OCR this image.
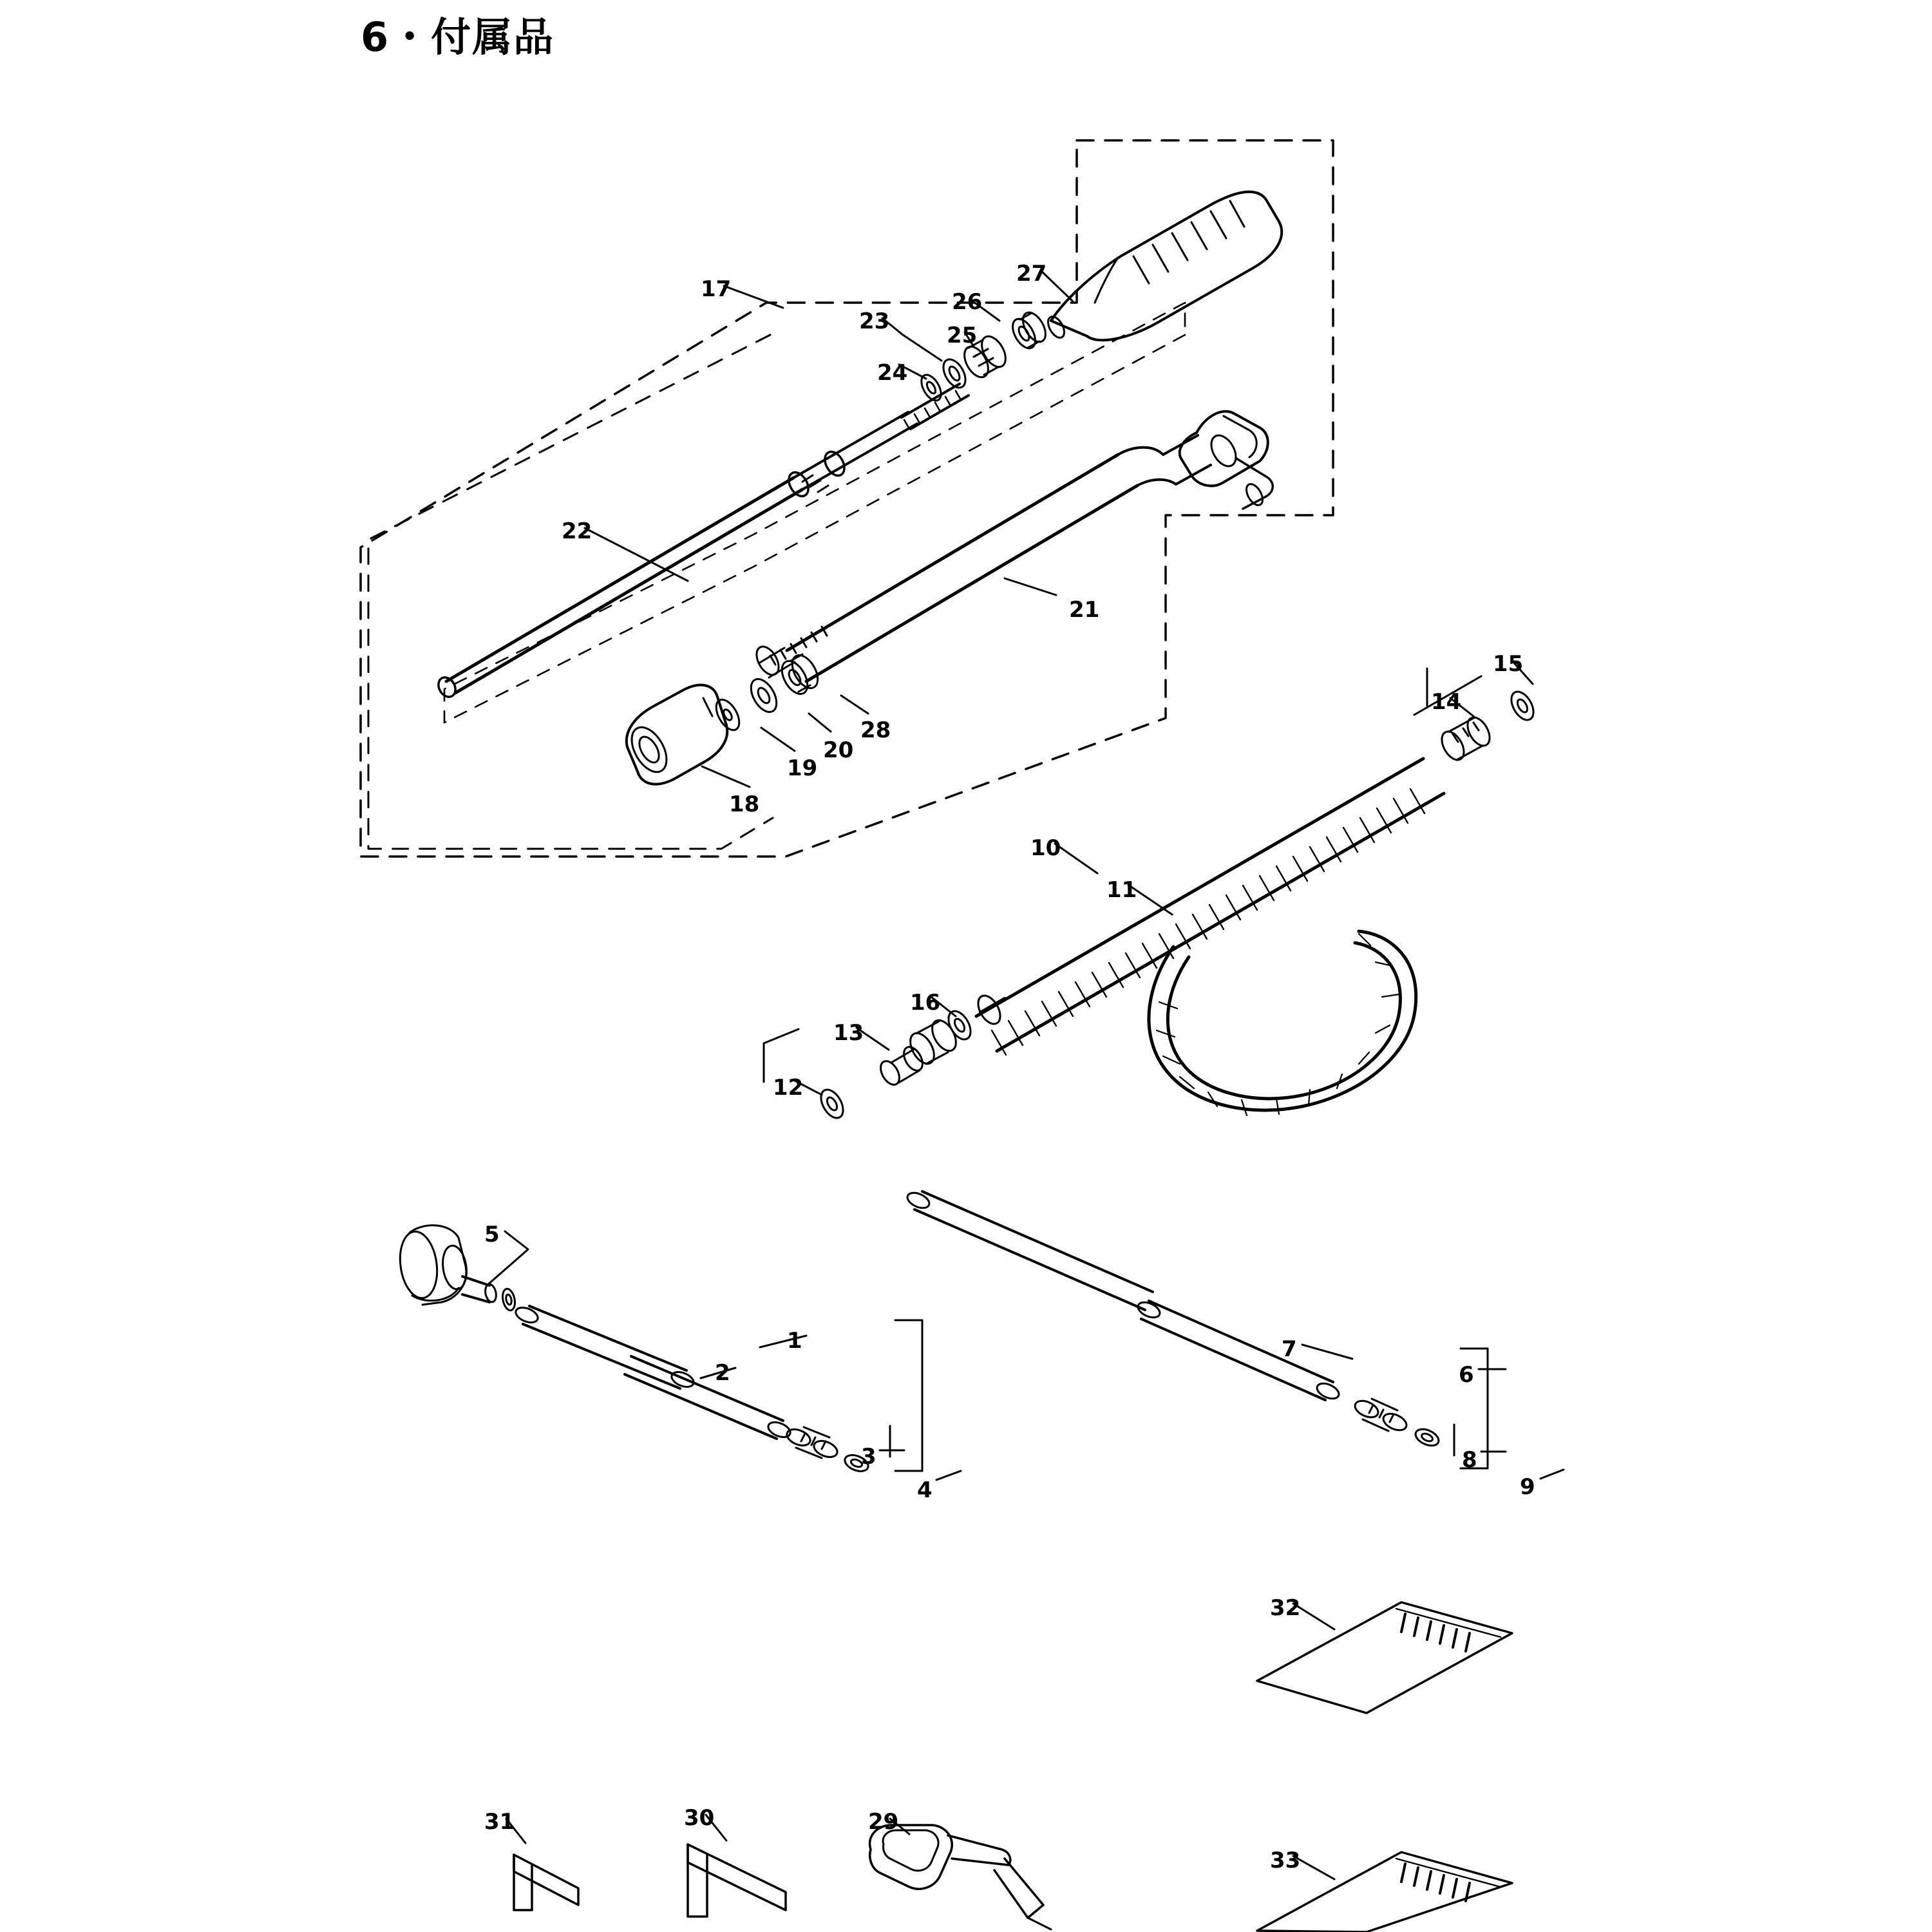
6・付属品
1
2
3
4
5
6
7
8
9
10
11
12
13
14
15
16
17
18
19
20
21
22
23
24
25
26
27
28
29
30
31
32
33
